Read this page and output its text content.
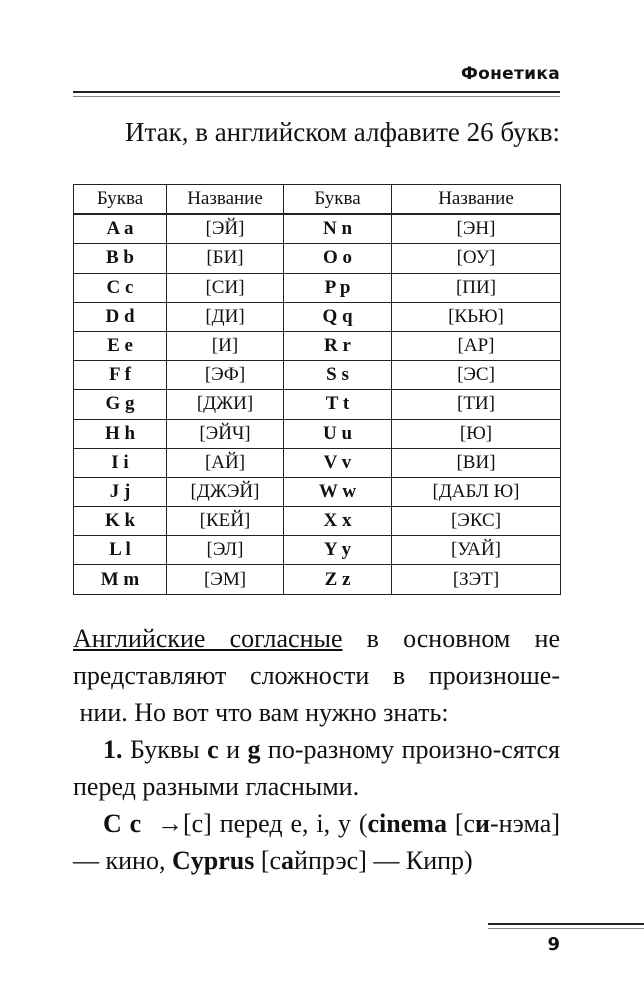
Фонетика
Итак, в английском алфавите 26 букв:
Буква	Название	Буква	Название
A a	[ЭЙ]	N n	[ЭН]
B b	[БИ]	O o	[ОУ]
C c	[СИ]	P p	[ПИ]
D d	[ДИ]	Q q	[КЬЮ]
E e	[И]	R r	[АР]
F f	[ЭФ]	S s	[ЭС]
G g	[ДЖИ]	T t	[ТИ]
H h	[ЭЙЧ]	U u	[Ю]
I i	[АЙ]	V v	[ВИ]
J j	[ДЖЭЙ]	W w	[ДАБЛ Ю]
K k	[КЕЙ]	X x	[ЭКС]
L l	[ЭЛ]	Y y	[УАЙ]
M m	[ЭМ]	Z z	[ЗЭТ]

Английские согласные в основном не представляют сложности в произноше- нии. Но вот что вам нужно знать:

1. Буквы c и g по-разному произно-сятся перед разными гласными.

C c  →[с] перед e, i, y (cinema [си-нэма] — кино, Cyprus [сайпрэс] — Кипр)

9
